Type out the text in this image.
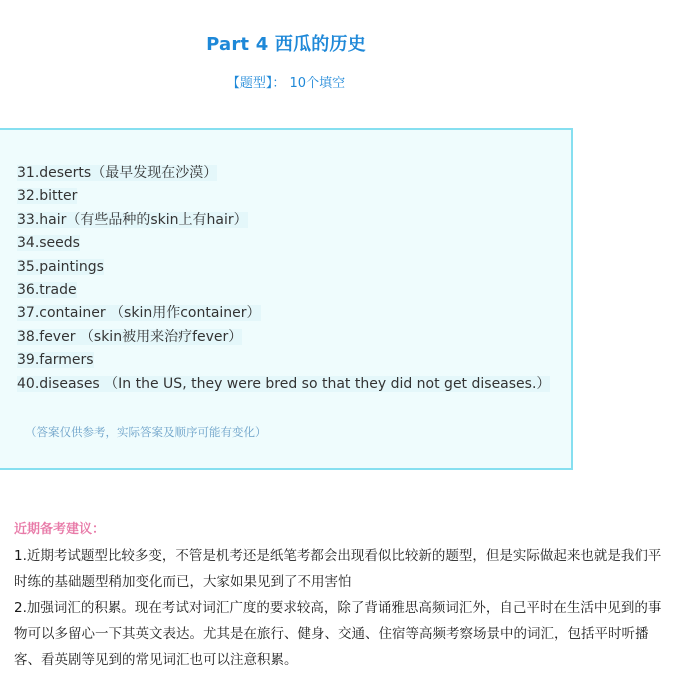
Part 4 西瓜的历史
【题型】： 10个填空
31.deserts（最早发现在沙漠）
32.bitter
33.hair（有些品种的skin上有hair）
34.seeds
35.paintings
36.trade
37.container （skin用作container）
38.fever （skin被用来治疗fever）
39.farmers
40.diseases （In the US, they were bred so that they did not get diseases.）
（答案仅供参考，实际答案及顺序可能有变化）
近期备考建议：

1.近期考试题型比较多变，不管是机考还是纸笔考都会出现看似比较新的题型，但是实际做起来也就是我们平时练的基础题型稍加变化而已，大家如果见到了不用害怕

2.加强词汇的积累。现在考试对词汇广度的要求较高，除了背诵雅思高频词汇外，自己平时在生活中见到的事物可以多留心一下其英文表达。尤其是在旅行、健身、交通、住宿等高频考察场景中的词汇，包括平时听播客、看英剧等见到的常见词汇也可以注意积累。
